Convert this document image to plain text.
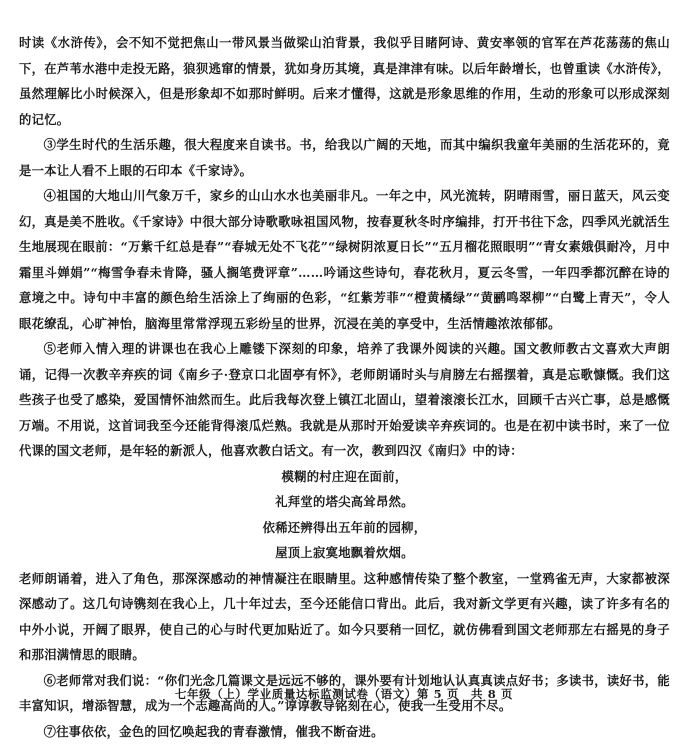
时读《水浒传》，会不知不觉把焦山一带风景当做梁山泊背景，我似乎目睹阿诗、黄安率领的官军在芦花荡荡的焦山下，在芦苇水港中走投无路，狼狈逃窜的情景，犹如身历其境，真是津津有味。以后年龄增长，也曾重读《水浒传》，虽然理解比小时候深入，但是形象却不如那时鲜明。后来才懂得，这就是形象思维的作用，生动的形象可以形成深刻的记忆。

③学生时代的生活乐趣，很大程度来自读书。书，给我以广阔的天地，而其中编织我童年美丽的生活花环的，竟是一本让人看不上眼的石印本《千家诗》。

④祖国的大地山川气象万千，家乡的山山水水也美丽非凡。一年之中，风光流转，阴晴雨雪，丽日蓝天，风云变幻，真是美不胜收。《千家诗》中很大部分诗歌歌咏祖国风物，按春夏秋冬时序编排，打开书往下念，四季风光就活生生地展现在眼前：“万紫千红总是春”“春城无处不飞花”“绿树阴浓夏日长”“五月榴花照眼明”“青女素娥俱耐冷，月中霜里斗婵娟”“梅雪争春未肯降，骚人搁笔费评章”……吟诵这些诗句，春花秋月，夏云冬雪，一年四季都沉醉在诗的意境之中。诗句中丰富的颜色给生活涂上了绚丽的色彩，“红紫芳菲”“橙黄橘绿”“黄鹂鸣翠柳”“白鹭上青天”，令人眼花缭乱，心旷神怡，脑海里常常浮现五彩纷呈的世界，沉浸在美的享受中，生活情趣浓浓郁郁。

⑤老师入情入理的讲课也在我心上雕镂下深刻的印象，培养了我课外阅读的兴趣。国文教师教古文喜欢大声朗诵，记得一次教辛弃疾的词《南乡子·登京口北固亭有怀》，老师朗诵时头与肩膀左右摇摆着，真是忘歌慷慨。我们这些孩子也受了感染，爱国情怀油然而生。此后我每次登上镇江北固山，望着滚滚长江水，回顾千古兴亡事，总是感慨万端。不用说，这首词我至今还能背得滚瓜烂熟。我就是从那时开始爱读辛弃疾词的。也是在初中读书时，来了一位代课的国文老师，是年轻的新派人，他喜欢教白话文。有一次，教到四汉《南归》中的诗：

模糊的村庄迎在面前，
礼拜堂的塔尖高耸昂然。
依稀还辨得出五年前的园柳，
屋顶上寂寞地飘着炊烟。

老师朗诵着，进入了角色，那深深感动的神情凝注在眼睛里。这种感情传染了整个教室，一堂鸦雀无声，大家都被深深感动了。这几句诗镌刻在我心上，几十年过去，至今还能信口背出。此后，我对新文学更有兴趣，读了许多有名的中外小说，开阔了眼界，使自己的心与时代更加贴近了。如今只要稍一回忆，就仿佛看到国文老师那左右摇晃的身子和那泪满情思的眼睛。

⑥老师常对我们说：“你们光念几篇课文是远远不够的，课外要有计划地认认真真读点好书；多读书，读好书，能丰富知识，增添智慧，成为一个志趣高尚的人。”谆谆教导铭刻在心，使我一生受用不尽。

⑦往事依依，金色的回忆唤起我的青春激情，催我不断奋进。

七年级（上）学业质量达标监测试卷（语文）第 5 页　共 8 页
